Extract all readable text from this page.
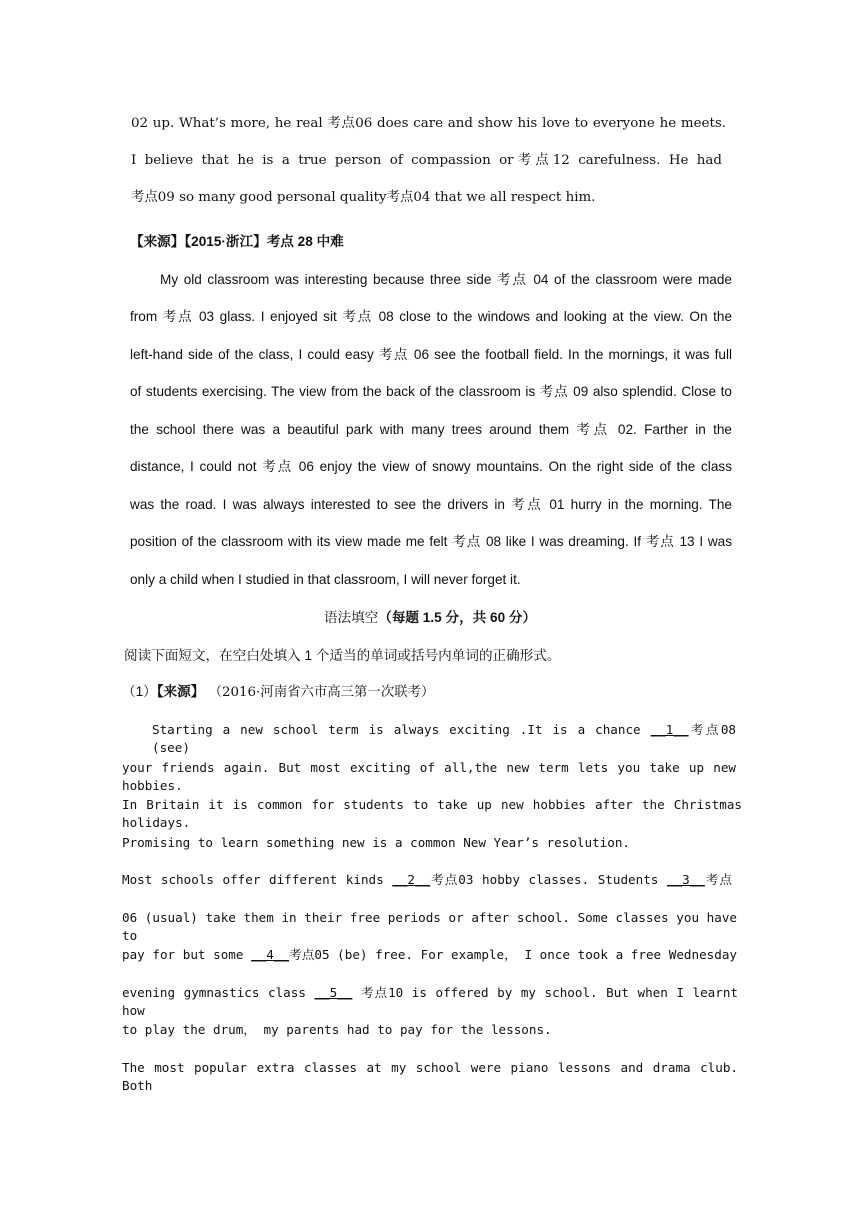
02 up. What’s more, he real 考点06 does care and show his love to everyone he meets.
I believe that he is a true person of compassion or考点12 carefulness. He had
考点09 so many good personal quality考点04 that we all respect him.
【来源】【2015·浙江】考点 28 中难
My old classroom was interesting because three side 考点 04 of the classroom were made
from 考点 03 glass. I enjoyed sit 考点 08 close to the windows and looking at the view. On the
left-hand side of the class, I could easy 考点 06 see the football field. In the mornings, it was full
of students exercising. The view from the back of the classroom is 考点 09 also splendid. Close to
the school there was a beautiful park with many trees around them 考点 02. Farther in the
distance, I could not 考点 06 enjoy the view of snowy mountains. On the right side of the class
was the road. I was always interested to see the drivers in 考点 01 hurry in the morning. The
position of the classroom with its view made me felt 考点 08 like I was dreaming. If 考点 13 I was
only a child when I studied in that classroom, I will never forget it.
语法填空（每题 1.5 分，共 60 分）
阅读下面短文，在空白处填入 1 个适当的单词或括号内单词的正确形式。
（1）【来源】 （2016·河南省六市高三第一次联考）
Starting a new school term is always exciting .It is a chance __1__考点08 (see)
your friends again. But most exciting of all,the new term lets you take up new hobbies.
In Britain it is common for students to take up new hobbies after the Christmas holidays.
Promising to learn something new is a common New Year’s resolution.
Most schools offer different kinds __2__考点03 hobby classes. Students __3__考点
06 (usual) take them in their free periods or after school. Some classes you have to
pay for but some __4__考点05 (be) free. For example， I once took a free Wednesday
evening gymnastics class __5__ 考点10 is offered by my school. But when I learnt how
to play the drum， my parents had to pay for the lessons.
The most popular extra classes at my school were piano lessons and drama club. Both
